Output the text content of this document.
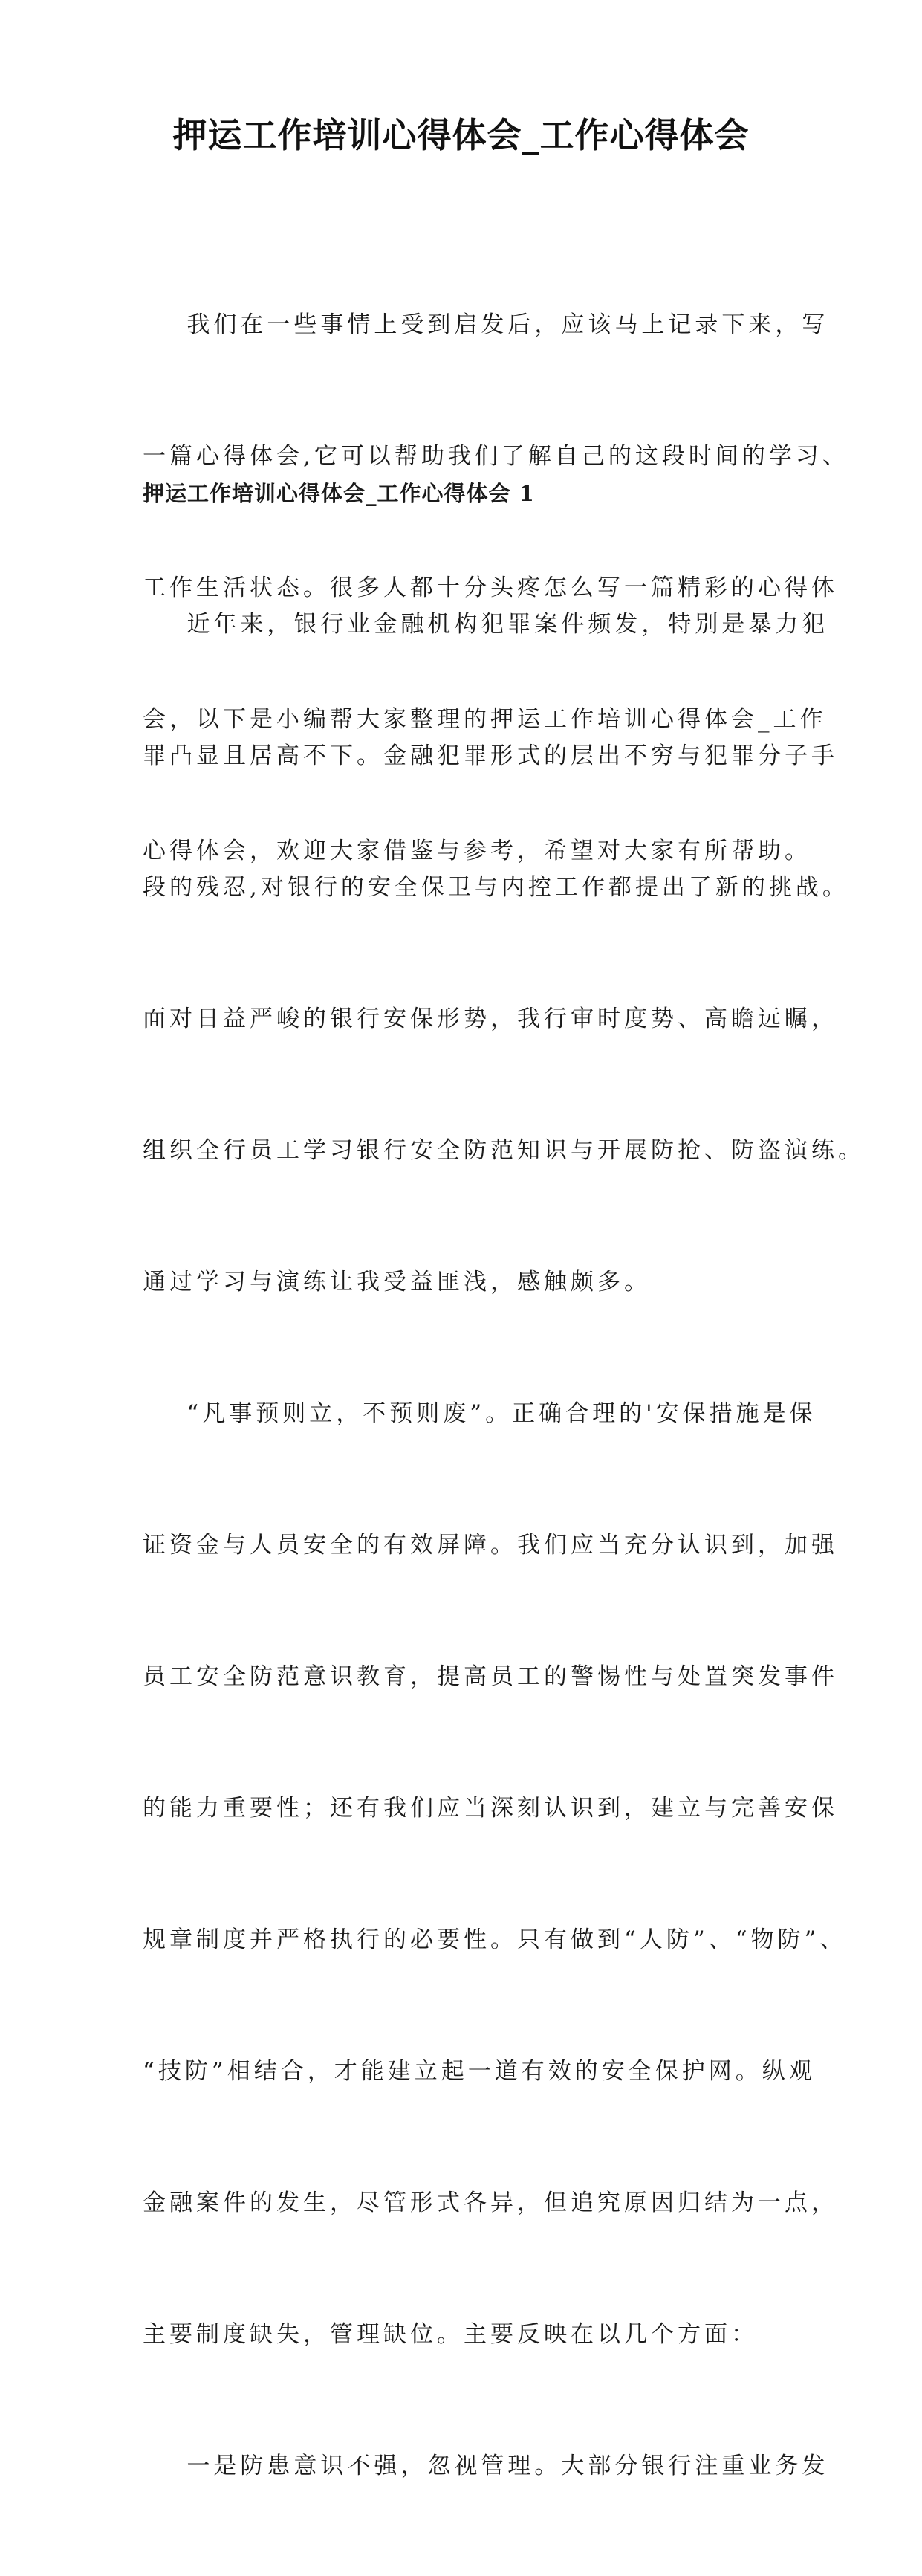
押运工作培训心得体会_工作心得体会

我们在一些事情上受到启发后，应该马上记录下来，写

一篇心得体会,它可以帮助我们了解自己的这段时间的学习、

工作生活状态。很多人都十分头疼怎么写一篇精彩的心得体

会，以下是小编帮大家整理的押运工作培训心得体会_工作

心得体会，欢迎大家借鉴与参考，希望对大家有所帮助。

押运工作培训心得体会_工作心得体会 1

近年来，银行业金融机构犯罪案件频发，特别是暴力犯

罪凸显且居高不下。金融犯罪形式的层出不穷与犯罪分子手

段的残忍,对银行的安全保卫与内控工作都提出了新的挑战。

面对日益严峻的银行安保形势，我行审时度势、高瞻远瞩，

组织全行员工学习银行安全防范知识与开展防抢、防盗演练。

通过学习与演练让我受益匪浅，感触颇多。

“凡事预则立，不预则废”。正确合理的'安保措施是保

证资金与人员安全的有效屏障。我们应当充分认识到，加强

员工安全防范意识教育，提高员工的警惕性与处置突发事件

的能力重要性；还有我们应当深刻认识到，建立与完善安保

规章制度并严格执行的必要性。只有做到“人防”、“物防”、

“技防”相结合，才能建立起一道有效的安全保护网。纵观

金融案件的发生，尽管形式各异，但追究原因归结为一点，

主要制度缺失，管理缺位。主要反映在以几个方面：

一是防患意识不强，忽视管理。大部分银行注重业务发
